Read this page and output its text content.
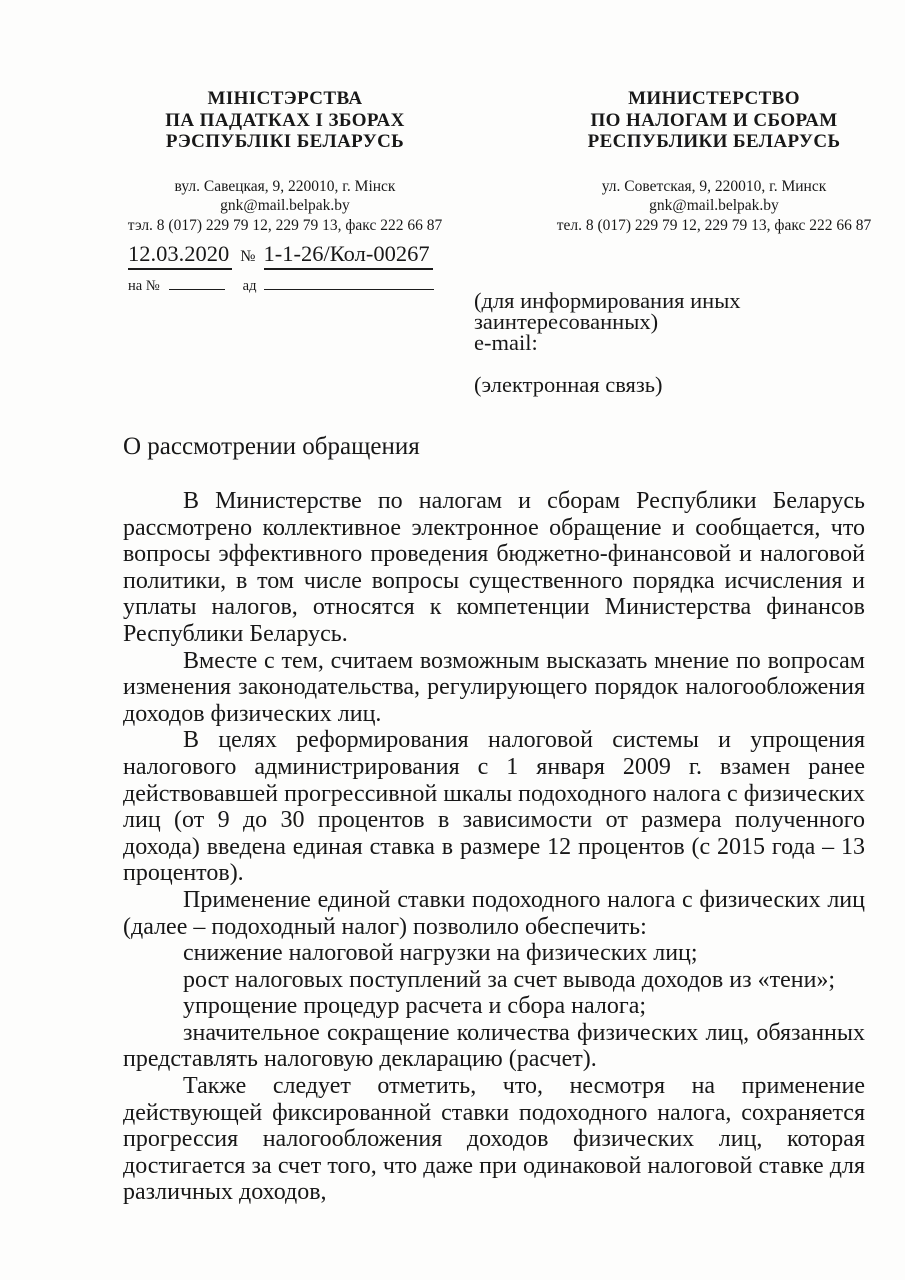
МІНІСТЭРСТВА
ПА ПАДАТКАХ І ЗБОРАХ
РЭСПУБЛІКІ БЕЛАРУСЬ
вул. Савецкая, 9, 220010, г. Мінск
gnk@mail.belpak.by
тэл. 8 (017) 229 79 12, 229 79 13, факс 222 66 87
МИНИСТЕРСТВО
ПО НАЛОГАМ И СБОРАМ
РЕСПУБЛИКИ БЕЛАРУСЬ
ул. Советская, 9, 220010, г. Минск
gnk@mail.belpak.by
тел. 8 (017) 229 79 12, 229 79 13, факс 222 66 87
12.03.2020 № 1-1-26/Кол-00267
на №	ад
(для информирования иных
заинтересованных)
e-mail:
(электронная связь)
О рассмотрении обращения

В Министерстве по налогам и сборам Республики Беларусь рассмотрено коллективное электронное обращение и сообщается, что вопросы эффективного проведения бюджетно-финансовой и налоговой политики, в том числе вопросы существенного порядка исчисления и уплаты налогов, относятся к компетенции Министерства финансов Республики Беларусь.

Вместе с тем, считаем возможным высказать мнение по вопросам изменения законодательства, регулирующего порядок налогообложения доходов физических лиц.

В целях реформирования налоговой системы и упрощения налогового администрирования с 1 января 2009 г. взамен ранее действовавшей прогрессивной шкалы подоходного налога с физических лиц (от 9 до 30 процентов в зависимости от размера полученного дохода) введена единая ставка в размере 12 процентов (с 2015 года – 13 процентов).

Применение единой ставки подоходного налога с физических лиц (далее – подоходный налог) позволило обеспечить:

снижение налоговой нагрузки на физических лиц;

рост налоговых поступлений за счет вывода доходов из «тени»;

упрощение процедур расчета и сбора налога;

значительное сокращение количества физических лиц, обязанных представлять налоговую декларацию (расчет).

Также следует отметить, что, несмотря на применение действующей фиксированной ставки подоходного налога, сохраняется прогрессия налогообложения доходов физических лиц, которая достигается за счет того, что даже при одинаковой налоговой ставке для различных доходов,
